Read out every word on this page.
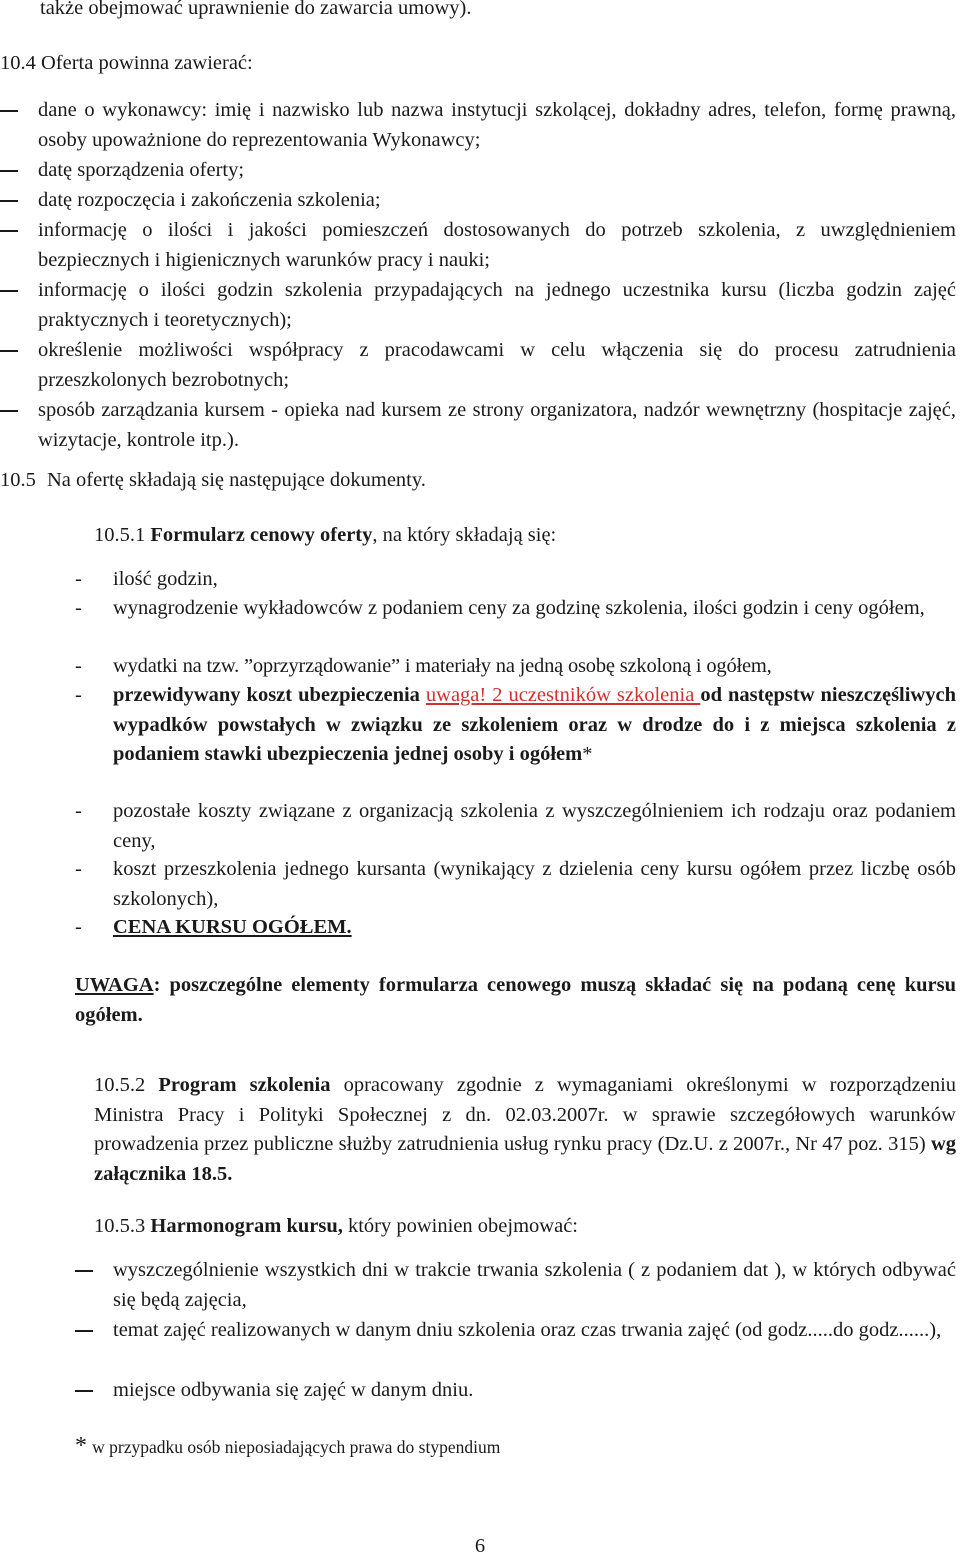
także obejmować uprawnienie do zawarcia umowy).
10.4 Oferta powinna zawierać:
dane o wykonawcy: imię i nazwisko lub nazwa instytucji szkolącej, dokładny adres, telefon, formę prawną, osoby upoważnione do reprezentowania Wykonawcy;
datę sporządzenia oferty;
datę rozpoczęcia i zakończenia szkolenia;
informację o ilości i jakości pomieszczeń dostosowanych do potrzeb szkolenia, z uwzględnieniem bezpiecznych i higienicznych warunków pracy i nauki;
informację o ilości godzin szkolenia przypadających na jednego uczestnika kursu (liczba godzin zajęć praktycznych i teoretycznych);
określenie możliwości współpracy z pracodawcami w celu włączenia się do procesu zatrudnienia przeszkolonych bezrobotnych;
sposób zarządzania kursem - opieka nad kursem ze strony organizatora, nadzór wewnętrzny (hospitacje zajęć, wizytacje, kontrole itp.).
10.5 Na ofertę składają się następujące dokumenty.
10.5.1 Formularz cenowy oferty, na który składają się:
- ilość godzin,
- wynagrodzenie wykładowców z podaniem ceny za godzinę szkolenia, ilości godzin i ceny ogółem,
- wydatki na tzw. ”oprzyrządowanie” i materiały na jedną osobę szkoloną i ogółem,
- przewidywany koszt ubezpieczenia uwaga! 2 uczestników szkolenia od następstw nieszczęśliwych wypadków powstałych w związku ze szkoleniem oraz w drodze do i z miejsca szkolenia z podaniem stawki ubezpieczenia jednej osoby i ogółem*
- pozostałe koszty związane z organizacją szkolenia z wyszczególnieniem ich rodzaju oraz podaniem ceny,
- koszt przeszkolenia jednego kursanta (wynikający z dzielenia ceny kursu ogółem przez liczbę osób szkolonych),
- CENA KURSU OGÓŁEM.
UWAGA: poszczególne elementy formularza cenowego muszą składać się na podaną cenę kursu ogółem.
10.5.2 Program szkolenia opracowany zgodnie z wymaganiami określonymi w rozporządzeniu Ministra Pracy i Polityki Społecznej z dn. 02.03.2007r. w sprawie szczegółowych warunków prowadzenia przez publiczne służby zatrudnienia usług rynku pracy (Dz.U. z 2007r., Nr 47 poz. 315) wg załącznika 18.5.
10.5.3 Harmonogram kursu, który powinien obejmować:
wyszczególnienie wszystkich dni w trakcie trwania szkolenia ( z podaniem dat ), w których odbywać się będą zajęcia,
temat zajęć realizowanych w danym dniu szkolenia oraz czas trwania zajęć (od godz.....do godz......),
miejsce odbywania się zajęć w danym dniu.
* w przypadku osób nieposiadających prawa do stypendium
6
